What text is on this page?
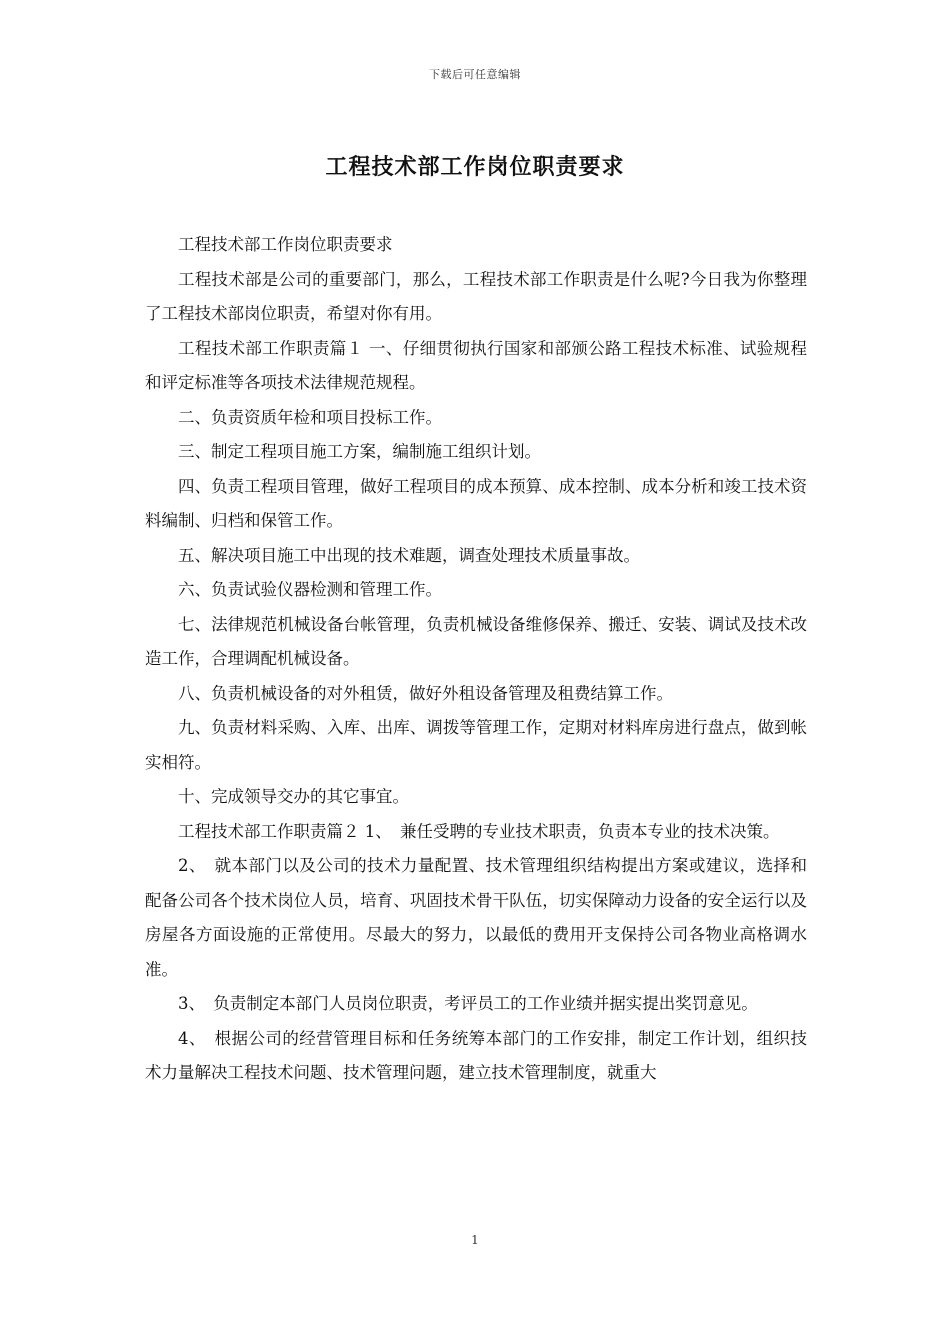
下载后可任意编辑
工程技术部工作岗位职责要求

工程技术部工作岗位职责要求

工程技术部是公司的重要部门，那么，工程技术部工作职责是什么呢?今日我为你整理了工程技术部岗位职责，希望对你有用。

工程技术部工作职责篇１ 一、仔细贯彻执行国家和部颁公路工程技术标准、试验规程和评定标准等各项技术法律规范规程。

二、负责资质年检和项目投标工作。

三、制定工程项目施工方案，编制施工组织计划。

四、负责工程项目管理，做好工程项目的成本预算、成本控制、成本分析和竣工技术资料编制、归档和保管工作。

五、解决项目施工中出现的技术难题，调查处理技术质量事故。

六、负责试验仪器检测和管理工作。

七、法律规范机械设备台帐管理，负责机械设备维修保养、搬迁、安装、调试及技术改造工作，合理调配机械设备。

八、负责机械设备的对外租赁，做好外租设备管理及租费结算工作。

九、负责材料采购、入库、出库、调拨等管理工作，定期对材料库房进行盘点，做到帐实相符。

十、完成领导交办的其它事宜。

工程技术部工作职责篇２ 1、　兼任受聘的专业技术职责，负责本专业的技术决策。

2、　就本部门以及公司的技术力量配置、技术管理组织结构提出方案或建议，选择和配备公司各个技术岗位人员，培育、巩固技术骨干队伍，切实保障动力设备的安全运行以及房屋各方面设施的正常使用。尽最大的努力，以最低的费用开支保持公司各物业高格调水准。

3、　负责制定本部门人员岗位职责，考评员工的工作业绩并据实提出奖罚意见。

4、　根据公司的经营管理目标和任务统筹本部门的工作安排，制定工作计划，组织技术力量解决工程技术问题、技术管理问题，建立技术管理制度，就重大

1
